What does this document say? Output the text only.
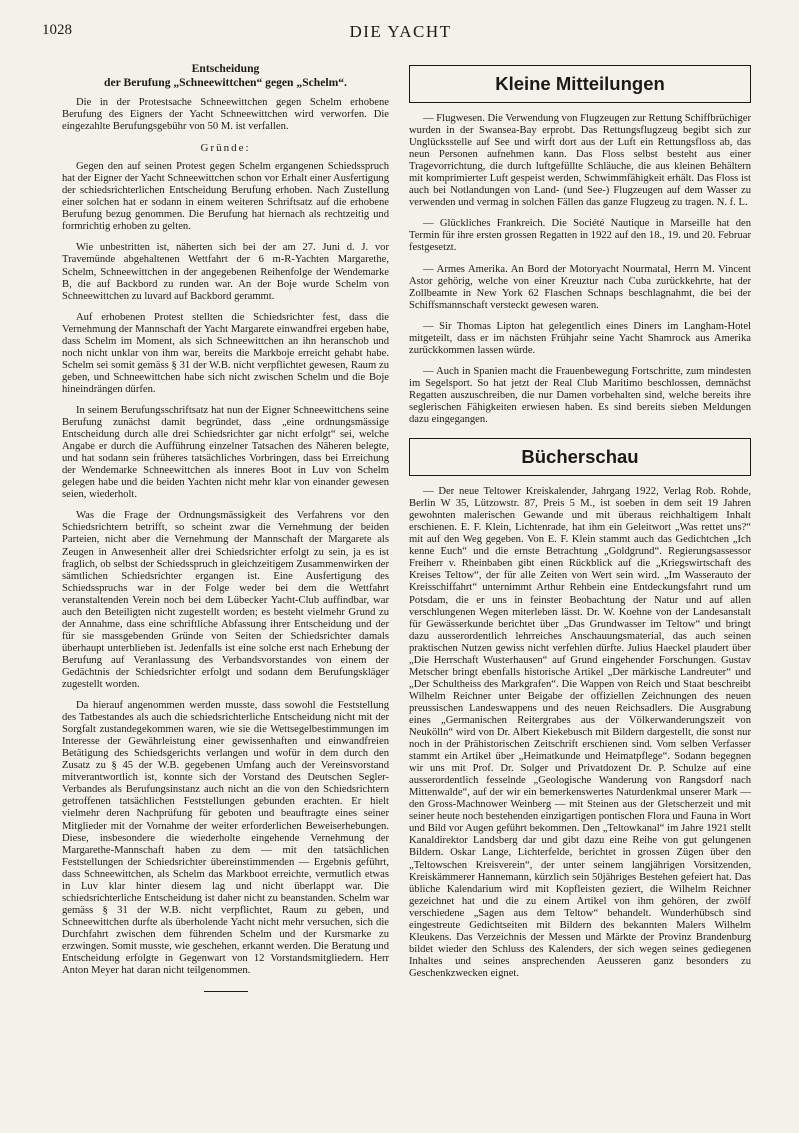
1028	DIE YACHT
Entscheidung
der Berufung „Schneewittchen“ gegen „Schelm“.

Die in der Protestsache Schneewittchen gegen Schelm erhobene Berufung des Eigners der Yacht Schneewittchen wird verworfen. Die eingezahlte Berufungsgebühr von 50 M. ist verfallen.

Gründe:

Gegen den auf seinen Protest gegen Schelm ergangenen Schiedsspruch hat der Eigner der Yacht Schneewittchen schon vor Erhalt einer Ausfertigung der schiedsrichterlichen Entscheidung Berufung erhoben. Nach Zustellung einer solchen hat er sodann in einem weiteren Schriftsatz auf die erhobene Berufung bezug genommen. Die Berufung hat hiernach als rechtzeitig und formrichtig erhoben zu gelten.

Wie unbestritten ist, näherten sich bei der am 27. Juni d. J. vor Travemünde abgehaltenen Wettfahrt der 6 m-R-Yachten Margarethe, Schelm, Schneewittchen in der angegebenen Reihenfolge der Wendemarke B, die auf Backbord zu runden war. An der Boje wurde Schelm von Schneewittchen zu luvard auf Backbord gerammt.

Auf erhobenen Protest stellten die Schiedsrichter fest, dass die Vernehmung der Mannschaft der Yacht Margarete einwandfrei ergeben habe, dass Schelm im Moment, als sich Schneewittchen an ihn heranschob und noch nicht unklar von ihm war, bereits die Markboje erreicht gehabt habe. Schelm sei somit gemäss § 31 der W.B. nicht verpflichtet gewesen, Raum zu geben, und Schneewittchen habe sich nicht zwischen Schelm und die Boje hineindrängen dürfen.

In seinem Berufungsschriftsatz hat nun der Eigner Schneewittchens seine Berufung zunächst damit begründet, dass „eine ordnungsmässige Entscheidung durch alle drei Schiedsrichter gar nicht erfolgt“ sei, welche Angabe er durch die Aufführung einzelner Tatsachen des Näheren belegte, und hat sodann sein früheres tatsächliches Vorbringen, dass bei Erreichung der Wendemarke Schneewittchen als inneres Boot in Luv von Schelm gelegen habe und die beiden Yachten nicht mehr klar von einander gewesen seien, wiederholt.

Was die Frage der Ordnungsmässigkeit des Verfahrens vor den Schiedsrichtern betrifft, so scheint zwar die Vernehmung der beiden Parteien, nicht aber die Vernehmung der Mannschaft der Margarete als Zeugen in Anwesenheit aller drei Schiedsrichter erfolgt zu sein, ja es ist fraglich, ob selbst der Schiedsspruch in gleichzeitigem Zusammenwirken der sämtlichen Schiedsrichter ergangen ist. Eine Ausfertigung des Schiedsspruchs war in der Folge weder bei dem die Wettfahrt veranstaltenden Verein noch bei dem Lübecker Yacht-Club auffindbar, war auch den Beteiligten nicht zugestellt worden; es besteht vielmehr Grund zu der Annahme, dass eine schriftliche Abfassung ihrer Entscheidung und der für sie massgebenden Gründe von Seiten der Schiedsrichter damals überhaupt unterblieben ist. Jedenfalls ist eine solche erst nach Erhebung der Berufung auf Veranlassung des Verbandsvorstandes von einem der Gedächtnis der Schiedsrichter erfolgt und sodann dem Berufungskläger zugestellt worden.

Da hierauf angenommen werden musste, dass sowohl die Feststellung des Tatbestandes als auch die schiedsrichterliche Entscheidung nicht mit der Sorgfalt zustandegekommen waren, wie sie die Wettsegelbestimmungen im Interesse der Gewährleistung einer gewissenhaften und einwandfreien Betätigung des Schiedsgerichts verlangen und wofür in dem durch den Zusatz zu § 45 der W.B. gegebenen Umfang auch der Vereinsvorstand mitverantwortlich ist, konnte sich der Vorstand des Deutschen Segler-Verbandes als Berufungsinstanz auch nicht an die von den Schiedsrichtern getroffenen tatsächlichen Feststellungen gebunden erachten. Er hielt vielmehr deren Nachprüfung für geboten und beauftragte eines seiner Mitglieder mit der Vornahme der weiter erforderlichen Beweiserhebungen. Diese, insbesondere die wiederholte eingehende Vernehmung der Margarethe-Mannschaft haben zu dem — mit den tatsächlichen Feststellungen der Schiedsrichter übereinstimmenden — Ergebnis geführt, dass Schneewittchen, als Schelm das Markboot erreichte, vermutlich etwas in Luv klar hinter diesem lag und nicht überlappt war. Die schiedsrichterliche Entscheidung ist daher nicht zu beanstanden. Schelm war gemäss § 31 der W.B. nicht verpflichtet, Raum zu geben, und Schneewittchen durfte als überholende Yacht nicht mehr versuchen, sich die Durchfahrt zwischen dem führenden Schelm und der Kursmarke zu erzwingen. Somit musste, wie geschehen, erkannt werden. Die Beratung und Entscheidung erfolgte in Gegenwart von 12 Vorstandsmitgliedern. Herr Anton Meyer hat daran nicht teilgenommen.

Kleine Mitteilungen

— Flugwesen. Die Verwendung von Flugzeugen zur Rettung Schiffbrüchiger wurden in der Swansea-Bay erprobt. Das Rettungsflugzeug begibt sich zur Unglücksstelle auf See und wirft dort aus der Luft ein Rettungsfloss ab, das neun Personen aufnehmen kann. Das Floss selbst besteht aus einer Tragevorrichtung, die durch luftgefüllte Schläuche, die aus kleinen Behältern mit komprimierter Luft gespeist werden, Schwimmfähigkeit erhält. Das Floss ist auch bei Notlandungen von Land- (und See-) Flugzeugen auf dem Wasser zu verwenden und vermag in solchen Fällen das ganze Flugzeug zu tragen. N. f. L.

— Glückliches Frankreich. Die Société Nautique in Marseille hat den Termin für ihre ersten grossen Regatten in 1922 auf den 18., 19. und 20. Februar festgesetzt.

— Armes Amerika. An Bord der Motoryacht Nourmatal, Herrn M. Vincent Astor gehörig, welche von einer Kreuztur nach Cuba zurückkehrte, hat der Zollbeamte in New York 62 Flaschen Schnaps beschlagnahmt, die bei der Schiffsmannschaft versteckt gewesen waren.

— Sir Thomas Lipton hat gelegentlich eines Diners im Langham-Hotel mitgeteilt, dass er im nächsten Frühjahr seine Yacht Shamrock aus Amerika zurückkommen lassen würde.

— Auch in Spanien macht die Frauenbewegung Fortschritte, zum mindesten im Segelsport. So hat jetzt der Real Club Maritimo beschlossen, demnächst Regatten auszuschreiben, die nur Damen vorbehalten sind, welche bereits ihre seglerischen Fähigkeiten erwiesen haben. Es sind bereits sieben Meldungen dazu eingegangen.

Bücherschau

— Der neue Teltower Kreiskalender, Jahrgang 1922, Verlag Rob. Rohde, Berlin W 35, Lützowstr. 87, Preis 5 M., ist soeben in dem seit 19 Jahren gewohnten malerischen Gewande und mit überaus reichhaltigem Inhalt erschienen. E. F. Klein, Lichtenrade, hat ihm ein Geleitwort „Was rettet uns?“ mit auf den Weg gegeben. Von E. F. Klein stammt auch das Gedichtchen „Ich kenne Euch“ und die ernste Betrachtung „Goldgrund“. Regierungsassessor Freiherr v. Rheinbaben gibt einen Rückblick auf die „Kriegswirtschaft des Kreises Teltow“, der für alle Zeiten von Wert sein wird. „Im Wasserauto der Kreisschiffahrt“ unternimmt Arthur Rehbein eine Entdeckungsfahrt rund um Potsdam, die er uns in feinster Beobachtung der Natur und auf allen verschlungenen Wegen miterleben lässt. Dr. W. Koehne von der Landesanstalt für Gewässerkunde berichtet über „Das Grundwasser im Teltow“ und bringt dazu ausserordentlich lehrreiches Anschauungsmaterial, das auch seinen praktischen Nutzen gewiss nicht verfehlen dürfte. Julius Haeckel plaudert über „Die Herrschaft Wusterhausen“ auf Grund eingehender Forschungen. Gustav Metscher bringt ebenfalls historische Artikel „Der märkische Landreuter“ und „Der Schultheiss des Markgrafen“. Die Wappen von Reich und Staat beschreibt Wilhelm Reichner unter Beigabe der offiziellen Zeichnungen des neuen preussischen Landeswappens und des neuen Reichsadlers. Die Ausgrabung eines „Germanischen Reitergrabes aus der Völkerwanderungszeit von Neukölln“ wird von Dr. Albert Kiekebusch mit Bildern dargestellt, die sonst nur noch in der Prähistorischen Zeitschrift erschienen sind. Vom selben Verfasser stammt ein Artikel über „Heimatkunde und Heimatpflege“. Sodann begegnen wir uns mit Prof. Dr. Solger und Privatdozent Dr. P. Schulze auf eine ausserordentlich fesselnde „Geologische Wanderung von Rangsdorf nach Mittenwalde“, auf der wir ein bemerkenswertes Naturdenkmal unserer Mark — den Gross-Machnower Weinberg — mit Steinen aus der Gletscherzeit und mit seiner heute noch bestehenden einzigartigen pontischen Flora und Fauna in Wort und Bild vor Augen geführt bekommen. Den „Teltowkanal“ im Jahre 1921 stellt Kanaldirektor Landsberg dar und gibt dazu eine Reihe von gut gelungenen Bildern. Oskar Lange, Lichterfelde, berichtet in grossen Zügen über den „Teltowschen Kreisverein“, der unter seinem langjährigen Vorsitzenden, Kreiskämmerer Hannemann, kürzlich sein 50jähriges Bestehen gefeiert hat. Das übliche Kalendarium wird mit Kopfleisten geziert, die Wilhelm Reichner gezeichnet hat und die zu einem Artikel von ihm gehören, der zwölf verschiedene „Sagen aus dem Teltow“ behandelt. Wunderhübsch sind eingestreute Gedichtseiten mit Bildern des bekannten Malers Wilhelm Kleukens. Das Verzeichnis der Messen und Märkte der Provinz Brandenburg bildet wieder den Schluss des Kalenders, der sich wegen seines gediegenen Inhaltes und seines ansprechenden Aeusseren ganz besonders zu Geschenkzwecken eignet.
